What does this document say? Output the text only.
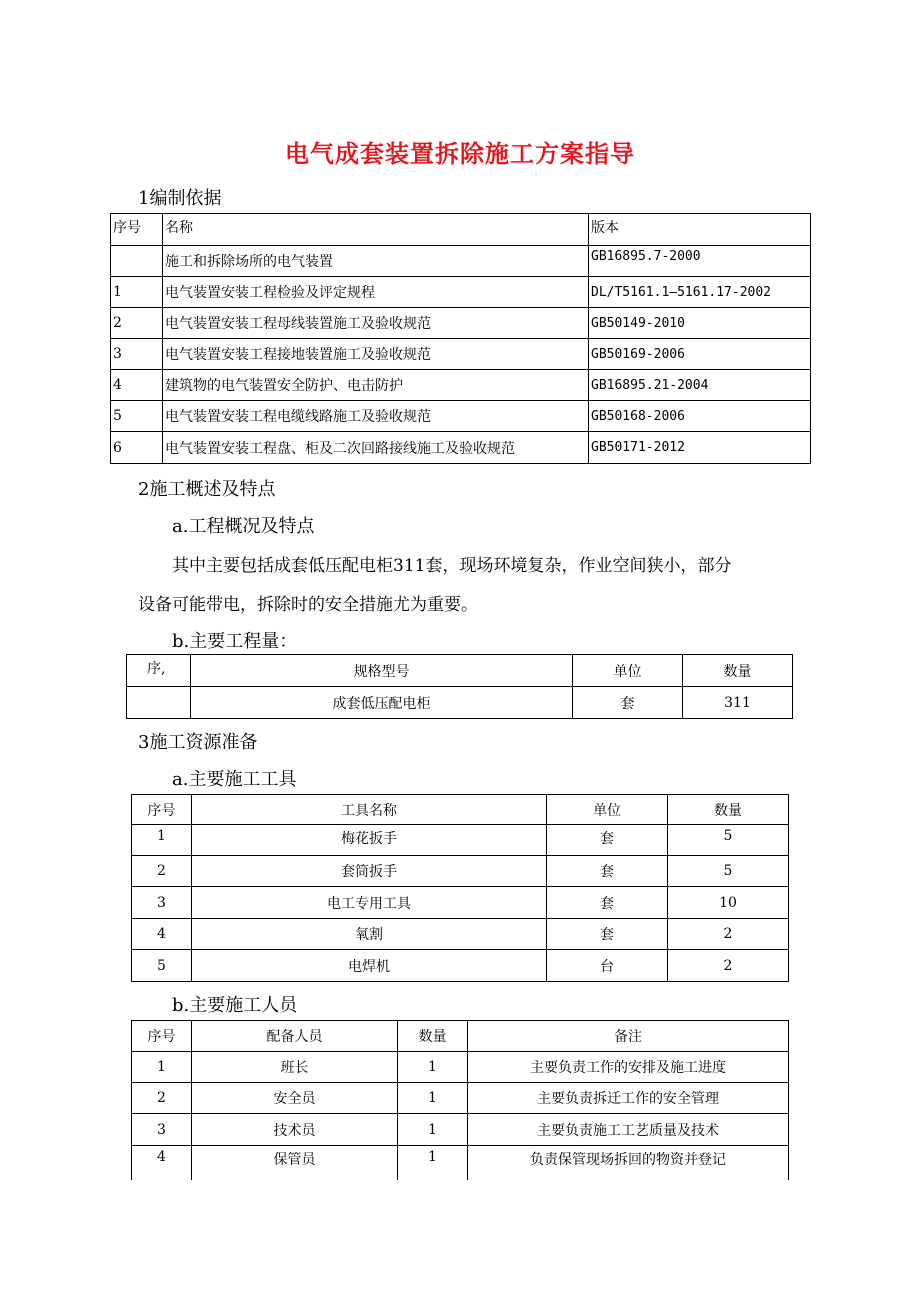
电气成套装置拆除施工方案指导
1编制依据
序号	名称	版本
	施工和拆除场所的电气装置	GB16895.7-2000
1	电气装置安装工程检验及评定规程	DL/T5161.1—5161.17-2002
2	电气装置安装工程母线装置施工及验收规范	GB50149-2010
3	电气装置安装工程接地装置施工及验收规范	GB50169-2006
4	建筑物的电气装置安全防护、电击防护	GB16895.21-2004
5	电气装置安装工程电缆线路施工及验收规范	GB50168-2006
6	电气装置安装工程盘、柜及二次回路接线施工及验收规范	GB50171-2012
2施工概述及特点
a.工程概况及特点
其中主要包括成套低压配电柜311套，现场环境复杂，作业空间狭小，部分
设备可能带电，拆除时的安全措施尤为重要。
b.主要工程量：
序,	规格型号	单位	数量
	成套低压配电柜	套	311
3施工资源准备
a.主要施工工具
序号	工具名称	单位	数量
1	梅花扳手	套	5
2	套筒扳手	套	5
3	电工专用工具	套	10
4	氧割	套	2
5	电焊机	台	2
b.主要施工人员
序号	配备人员	数量	备注
1	班长	1	主要负责工作的安排及施工进度
2	安全员	1	主要负责拆迁工作的安全管理
3	技术员	1	主要负责施工工艺质量及技术
4	保管员	1	负责保管现场拆回的物资并登记
